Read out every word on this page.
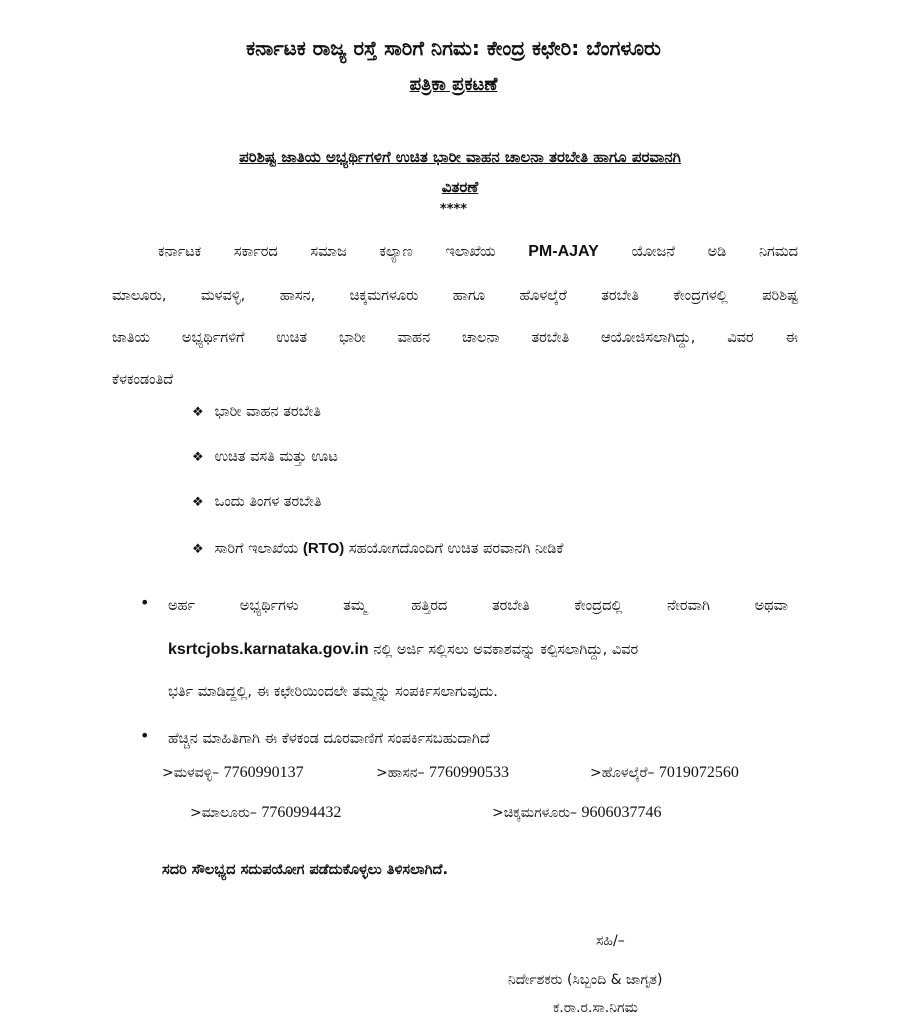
ಕರ್ನಾಟಕ ರಾಜ್ಯ ರಸ್ತೆ ಸಾರಿಗೆ ನಿಗಮ: ಕೇಂದ್ರ ಕಛೇರಿ: ಬೆಂಗಳೂರು
ಪತ್ರಿಕಾ ಪ್ರಕಟಣೆ
ಪರಿಶಿಷ್ಟ ಜಾತಿಯ ಅಭ್ಯರ್ಥಿಗಳಿಗೆ ಉಚಿತ ಭಾರೀ ವಾಹನ ಚಾಲನಾ ತರಬೇತಿ ಹಾಗೂ ಪರವಾನಗಿ
ವಿತರಣೆ
****
ಕರ್ನಾಟಕ ಸರ್ಕಾರದ ಸಮಾಜ ಕಲ್ಯಾಣ ಇಲಾಖೆಯ PM-AJAY ಯೋಜನೆ ಅಡಿ ನಿಗಮದ
ಮಾಲೂರು, ಮಳವಳ್ಳಿ, ಹಾಸನ, ಚಿಕ್ಕಮಗಳೂರು ಹಾಗೂ ಹೊಳಲ್ಕೆರೆ ತರಬೇತಿ ಕೇಂದ್ರಗಳಲ್ಲಿ ಪರಿಶಿಷ್ಟ
ಜಾತಿಯ ಅಭ್ಯರ್ಥಿಗಳಿಗೆ ಉಚಿತ ಭಾರೀ ವಾಹನ ಚಾಲನಾ ತರಬೇತಿ ಆಯೋಜಿಸಲಾಗಿದ್ದು, ವಿವರ ಈ
ಕೆಳಕಂಡಂತಿದೆ
❖ ಭಾರೀ ವಾಹನ ತರಬೇತಿ
❖ ಉಚಿತ ವಸತಿ ಮತ್ತು ಊಟ
❖ ಒಂದು ತಿಂಗಳ ತರಬೇತಿ
❖ ಸಾರಿಗೆ ಇಲಾಖೆಯ (RTO) ಸಹಯೋಗದೊಂದಿಗೆ ಉಚಿತ ಪರವಾನಗಿ ನೀಡಿಕೆ
•	ಅರ್ಹ ಅಭ್ಯರ್ಥಿಗಳು ತಮ್ಮ ಹತ್ತಿರದ ತರಬೇತಿ ಕೇಂದ್ರದಲ್ಲಿ ನೇರವಾಗಿ ಅಥವಾ
ksrtcjobs.karnataka.gov.in ನಲ್ಲಿ ಅರ್ಜಿ ಸಲ್ಲಿಸಲು ಅವಕಾಶವನ್ನು ಕಲ್ಪಿಸಲಾಗಿದ್ದು, ವಿವರ
ಭರ್ತಿ ಮಾಡಿದ್ದಲ್ಲಿ, ಈ ಕಛೇರಿಯಿಂದಲೇ ತಮ್ಮನ್ನು ಸಂಪರ್ಕಿಸಲಾಗುವುದು.
•	ಹೆಚ್ಚಿನ ಮಾಹಿತಿಗಾಗಿ ಈ ಕೆಳಕಂಡ ದೂರವಾಣಿಗೆ ಸಂಪರ್ಕಿಸಬಹುದಾಗಿದೆ
>ಮಳವಳ್ಳಿ– 7760990137	>ಹಾಸನ– 7760990533	>ಹೊಳಲ್ಕೆರೆ– 7019072560
>ಮಾಲೂರು– 7760994432	>ಚಿಕ್ಕಮಗಳೂರು– 9606037746
ಸದರಿ ಸೌಲಭ್ಯದ ಸದುಪಯೋಗ ಪಡೆದುಕೊಳ್ಳಲು ತಿಳಿಸಲಾಗಿದೆ.
ಸಹಿ/–
ನಿರ್ದೇಶಕರು (ಸಿಬ್ಬಂದಿ & ಜಾಗೃತ)
ಕ.ರಾ.ರ.ಸಾ.ನಿಗಮ
